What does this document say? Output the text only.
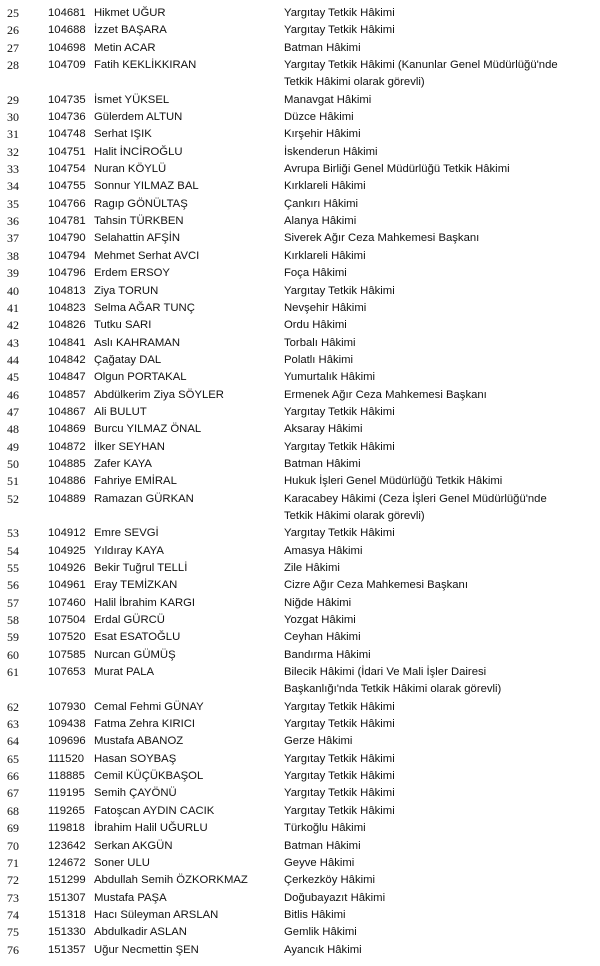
25	104681 Hikmet UĞUR	Yargıtay Tetkik Hâkimi
26	104688 İzzet BAŞARA	Yargıtay Tetkik Hâkimi
27	104698 Metin ACAR	Batman Hâkimi
28	104709 Fatih KEKLİKKIRAN	Yargıtay Tetkik Hâkimi (Kanunlar Genel Müdürlüğü'nde
Tetkik Hâkimi olarak görevli)
29	104735 İsmet YÜKSEL	Manavgat Hâkimi
30	104736 Gülerdem ALTUN	Düzce Hâkimi
31	104748 Serhat IŞIK	Kırşehir Hâkimi
32	104751 Halit İNCİROĞLU	İskenderun Hâkimi
33	104754 Nuran KÖYLÜ	Avrupa Birliği Genel Müdürlüğü Tetkik Hâkimi
34	104755 Sonnur YILMAZ BAL	Kırklareli Hâkimi
35	104766 Ragıp GÖNÜLTAŞ	Çankırı Hâkimi
36	104781 Tahsin TÜRKBEN	Alanya Hâkimi
37	104790 Selahattin AFŞİN	Siverek Ağır Ceza Mahkemesi Başkanı
38	104794 Mehmet Serhat AVCI	Kırklareli Hâkimi
39	104796 Erdem ERSOY	Foça Hâkimi
40	104813 Ziya TORUN	Yargıtay Tetkik Hâkimi
41	104823 Selma AĞAR TUNÇ	Nevşehir Hâkimi
42	104826 Tutku SARI	Ordu Hâkimi
43	104841 Aslı KAHRAMAN	Torbalı Hâkimi
44	104842 Çağatay DAL	Polatlı Hâkimi
45	104847 Olgun PORTAKAL	Yumurtalık Hâkimi
46	104857 Abdülkerim Ziya SÖYLER	Ermenek Ağır Ceza Mahkemesi Başkanı
47	104867 Ali BULUT	Yargıtay Tetkik Hâkimi
48	104869 Burcu YILMAZ ÖNAL	Aksaray Hâkimi
49	104872 İlker SEYHAN	Yargıtay Tetkik Hâkimi
50	104885 Zafer KAYA	Batman Hâkimi
51	104886 Fahriye EMİRAL	Hukuk İşleri Genel Müdürlüğü Tetkik Hâkimi
52	104889 Ramazan GÜRKAN	Karacabey Hâkimi (Ceza İşleri Genel Müdürlüğü'nde
Tetkik Hâkimi olarak görevli)
53	104912 Emre SEVGİ	Yargıtay Tetkik Hâkimi
54	104925 Yıldıray KAYA	Amasya Hâkimi
55	104926 Bekir Tuğrul TELLİ	Zile Hâkimi
56	104961 Eray TEMİZKAN	Cizre Ağır Ceza Mahkemesi Başkanı
57	107460 Halil İbrahim KARGI	Niğde Hâkimi
58	107504 Erdal GÜRCÜ	Yozgat Hâkimi
59	107520 Esat ESATOĞLU	Ceyhan Hâkimi
60	107585 Nurcan GÜMÜŞ	Bandırma Hâkimi
61	107653 Murat PALA	Bilecik Hâkimi (İdari Ve Mali İşler Dairesi
Başkanlığı'nda Tetkik Hâkimi olarak görevli)
62	107930 Cemal Fehmi GÜNAY	Yargıtay Tetkik Hâkimi
63	109438 Fatma Zehra KIRICI	Yargıtay Tetkik Hâkimi
64	109696 Mustafa ABANOZ	Gerze Hâkimi
65	111520 Hasan SOYBAŞ	Yargıtay Tetkik Hâkimi
66	118885 Cemil KÜÇÜKBAŞOL	Yargıtay Tetkik Hâkimi
67	119195 Semih ÇAYÖNÜ	Yargıtay Tetkik Hâkimi
68	119265 Fatoşcan AYDIN CACIK	Yargıtay Tetkik Hâkimi
69	119818 İbrahim Halil UĞURLU	Türkoğlu Hâkimi
70	123642 Serkan AKGÜN	Batman Hâkimi
71	124672 Soner ULU	Geyve Hâkimi
72	151299 Abdullah Semih ÖZKORKMAZ	Çerkezköy Hâkimi
73	151307 Mustafa PAŞA	Doğubayazıt Hâkimi
74	151318 Hacı Süleyman ARSLAN	Bitlis Hâkimi
75	151330 Abdulkadir ASLAN	Gemlik Hâkimi
76	151357 Uğur Necmettin ŞEN	Ayancık Hâkimi
